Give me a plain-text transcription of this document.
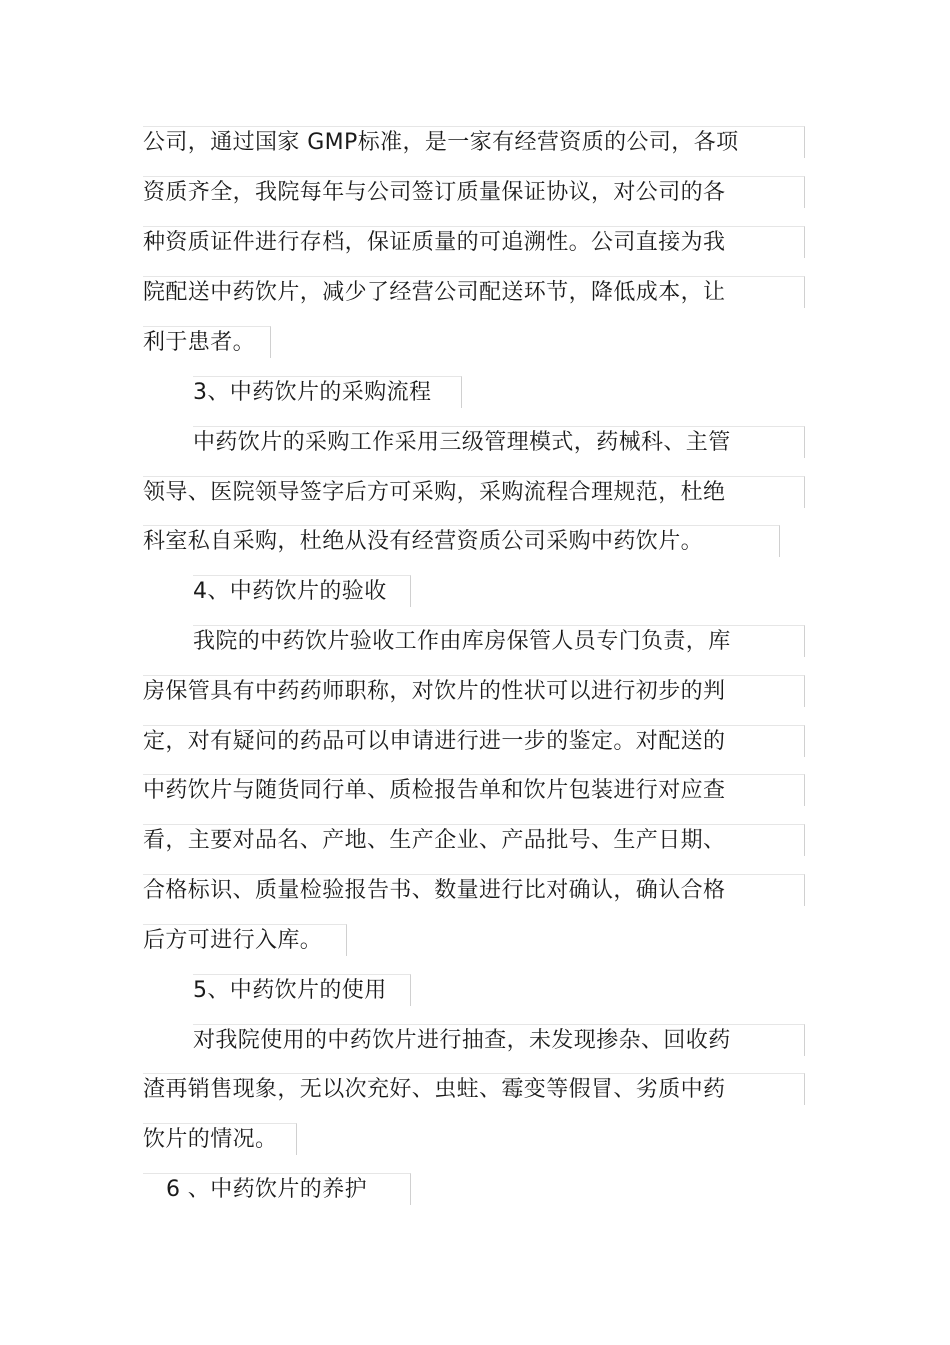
公司，通过国家 GMP标准，是一家有经营资质的公司，各项
资质齐全，我院每年与公司签订质量保证协议，对公司的各
种资质证件进行存档，保证质量的可追溯性。公司直接为我
院配送中药饮片，减少了经营公司配送环节，降低成本，让
利于患者。
3、中药饮片的采购流程
中药饮片的采购工作采用三级管理模式，药械科、主管
领导、医院领导签字后方可采购，采购流程合理规范，杜绝
科室私自采购，杜绝从没有经营资质公司采购中药饮片。
4、中药饮片的验收
我院的中药饮片验收工作由库房保管人员专门负责，库
房保管具有中药药师职称，对饮片的性状可以进行初步的判
定，对有疑问的药品可以申请进行进一步的鉴定。对配送的
中药饮片与随货同行单、质检报告单和饮片包装进行对应查
看，主要对品名、产地、生产企业、产品批号、生产日期、
合格标识、质量检验报告书、数量进行比对确认，确认合格
后方可进行入库。
5、中药饮片的使用
对我院使用的中药饮片进行抽查，未发现掺杂、回收药
渣再销售现象，无以次充好、虫蛀、霉变等假冒、劣质中药
饮片的情况。
6 、中药饮片的养护
